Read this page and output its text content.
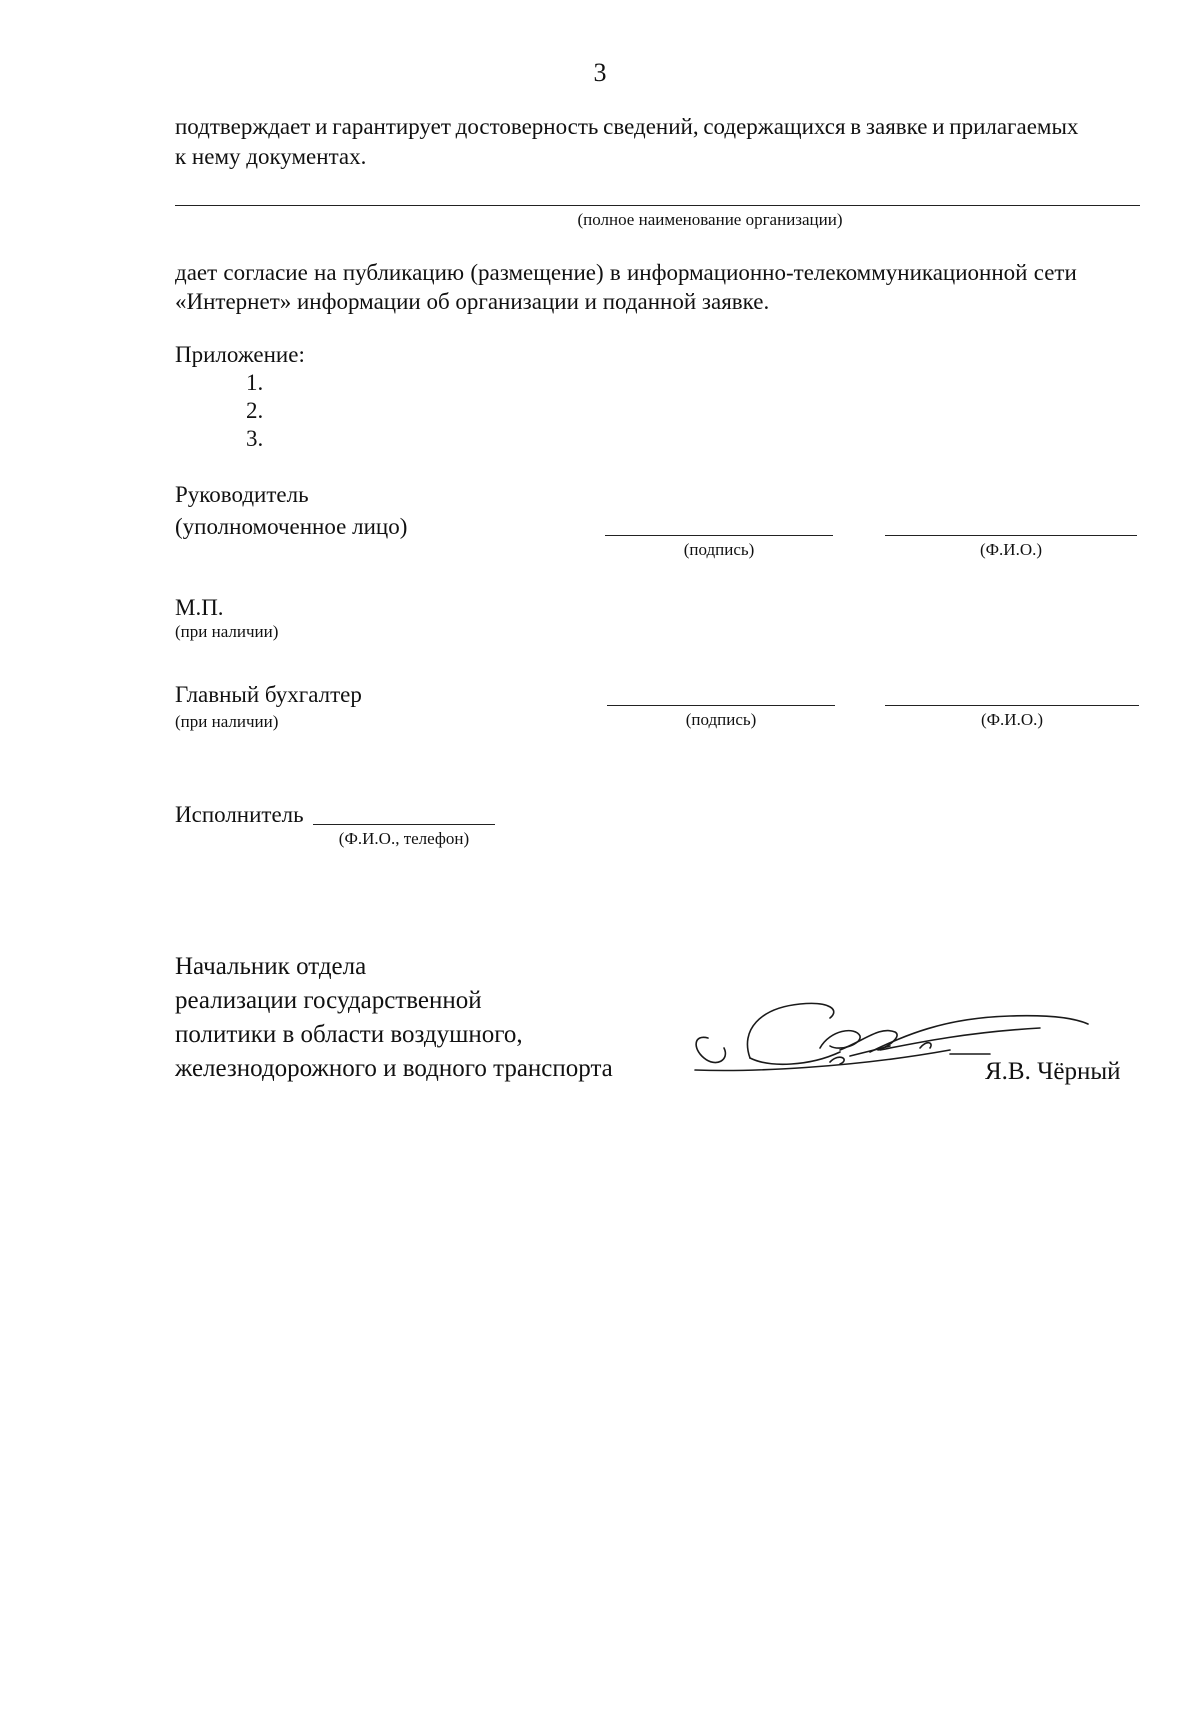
3
подтверждает и гарантирует достоверность сведений, содержащихся в заявке и прилагаемых
к нему документах.
(полное наименование организации)
дает согласие на публикацию (размещение) в информационно-телекоммуникационной сети
«Интернет» информации об организации и поданной заявке.
Приложение:
1.
2.
3.
Руководитель
(уполномоченное лицо)
(подпись)	(Ф.И.О.)
М.П.
(при наличии)
Главный бухгалтер
(при наличии)	(подпись)	(Ф.И.О.)
Исполнитель
(Ф.И.О., телефон)
Начальник отдела
реализации государственной
политики в области воздушного,
железнодорожного и водного транспорта	Я.В. Чёрный
